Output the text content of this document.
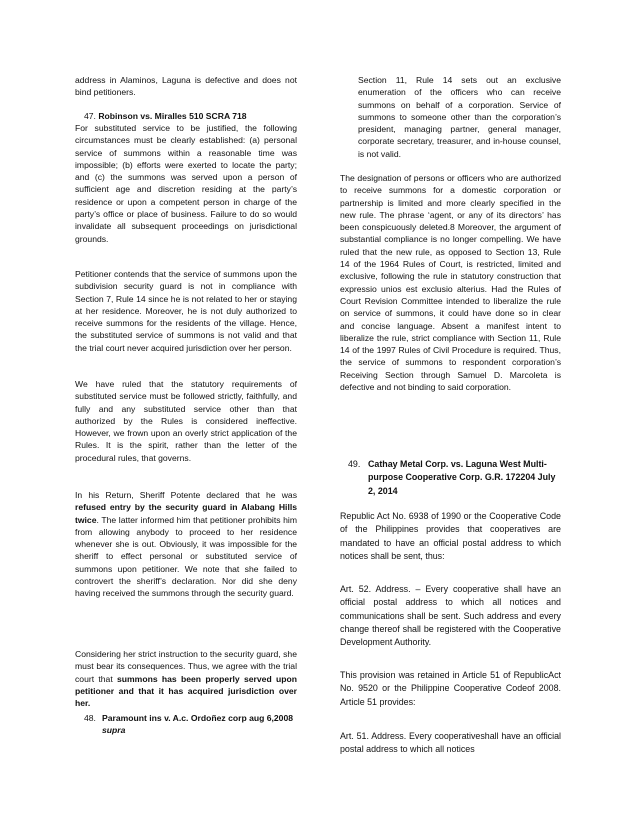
address in Alaminos, Laguna is defective and does not bind petitioners.

47. Robinson vs. Miralles 510 SCRA 718

For substituted service to be justified, the following circumstances must be clearly established: (a) personal service of summons within a reasonable time was impossible; (b) efforts were exerted to locate the party; and (c) the summons was served upon a person of sufficient age and discretion residing at the party’s residence or upon a competent person in charge of the party’s office or place of business. Failure to do so would invalidate all subsequent proceedings on jurisdictional grounds.

Petitioner contends that the service of summons upon the subdivision security guard is not in compliance with Section 7, Rule 14 since he is not related to her or staying at her residence. Moreover, he is not duly authorized to receive summons for the residents of the village. Hence, the substituted service of summons is not valid and that the trial court never acquired jurisdiction over her person.

We have ruled that the statutory requirements of substituted service must be followed strictly, faithfully, and fully and any substituted service other than that authorized by the Rules is considered ineffective. However, we frown upon an overly strict application of the Rules. It is the spirit, rather than the letter of the procedural rules, that governs.

In his Return, Sheriff Potente declared that he was refused entry by the security guard in Alabang Hills twice. The latter informed him that petitioner prohibits him from allowing anybody to proceed to her residence whenever she is out. Obviously, it was impossible for the sheriff to effect personal or substituted service of summons upon petitioner. We note that she failed to controvert the sheriff’s declaration. Nor did she deny having received the summons through the security guard.

Considering her strict instruction to the security guard, she must bear its consequences. Thus, we agree with the trial court that summons has been properly served upon petitioner and that it has acquired jurisdiction over her.

48. Paramount ins v. A.c. Ordoñez corp aug 6,2008 supra

Section 11, Rule 14 sets out an exclusive enumeration of the officers who can receive summons on behalf of a corporation. Service of summons to someone other than the corporation’s president, managing partner, general manager, corporate secretary, treasurer, and in-house counsel, is not valid.

The designation of persons or officers who are authorized to receive summons for a domestic corporation or partnership is limited and more clearly specified in the new rule. The phrase ‘agent, or any of its directors’ has been conspicuously deleted.8 Moreover, the argument of substantial compliance is no longer compelling. We have ruled that the new rule, as opposed to Section 13, Rule 14 of the 1964 Rules of Court, is restricted, limited and exclusive, following the rule in statutory construction that expressio unios est exclusio alterius. Had the Rules of Court Revision Committee intended to liberalize the rule on service of summons, it could have done so in clear and concise language. Absent a manifest intent to liberalize the rule, strict compliance with Section 11, Rule 14 of the 1997 Rules of Civil Procedure is required. Thus, the service of summons to respondent corporation’s Receiving Section through Samuel D. Marcoleta is defective and not binding to said corporation.

49. Cathay Metal Corp. vs. Laguna West Multi-purpose Cooperative Corp. G.R. 172204 July 2, 2014

Republic Act No. 6938 of 1990 or the Cooperative Code of the Philippines provides that cooperatives are mandated to have an official postal address to which notices shall be sent, thus:

Art. 52. Address. – Every cooperative shall have an official postal address to which all notices and communications shall be sent. Such address and every change thereof shall be registered with the Cooperative Development Authority.

This provision was retained in Article 51 of RepublicAct No. 9520 or the Philippine Cooperative Codeof 2008. Article 51 provides:

Art. 51. Address. Every cooperativeshall have an official postal address to which all notices
